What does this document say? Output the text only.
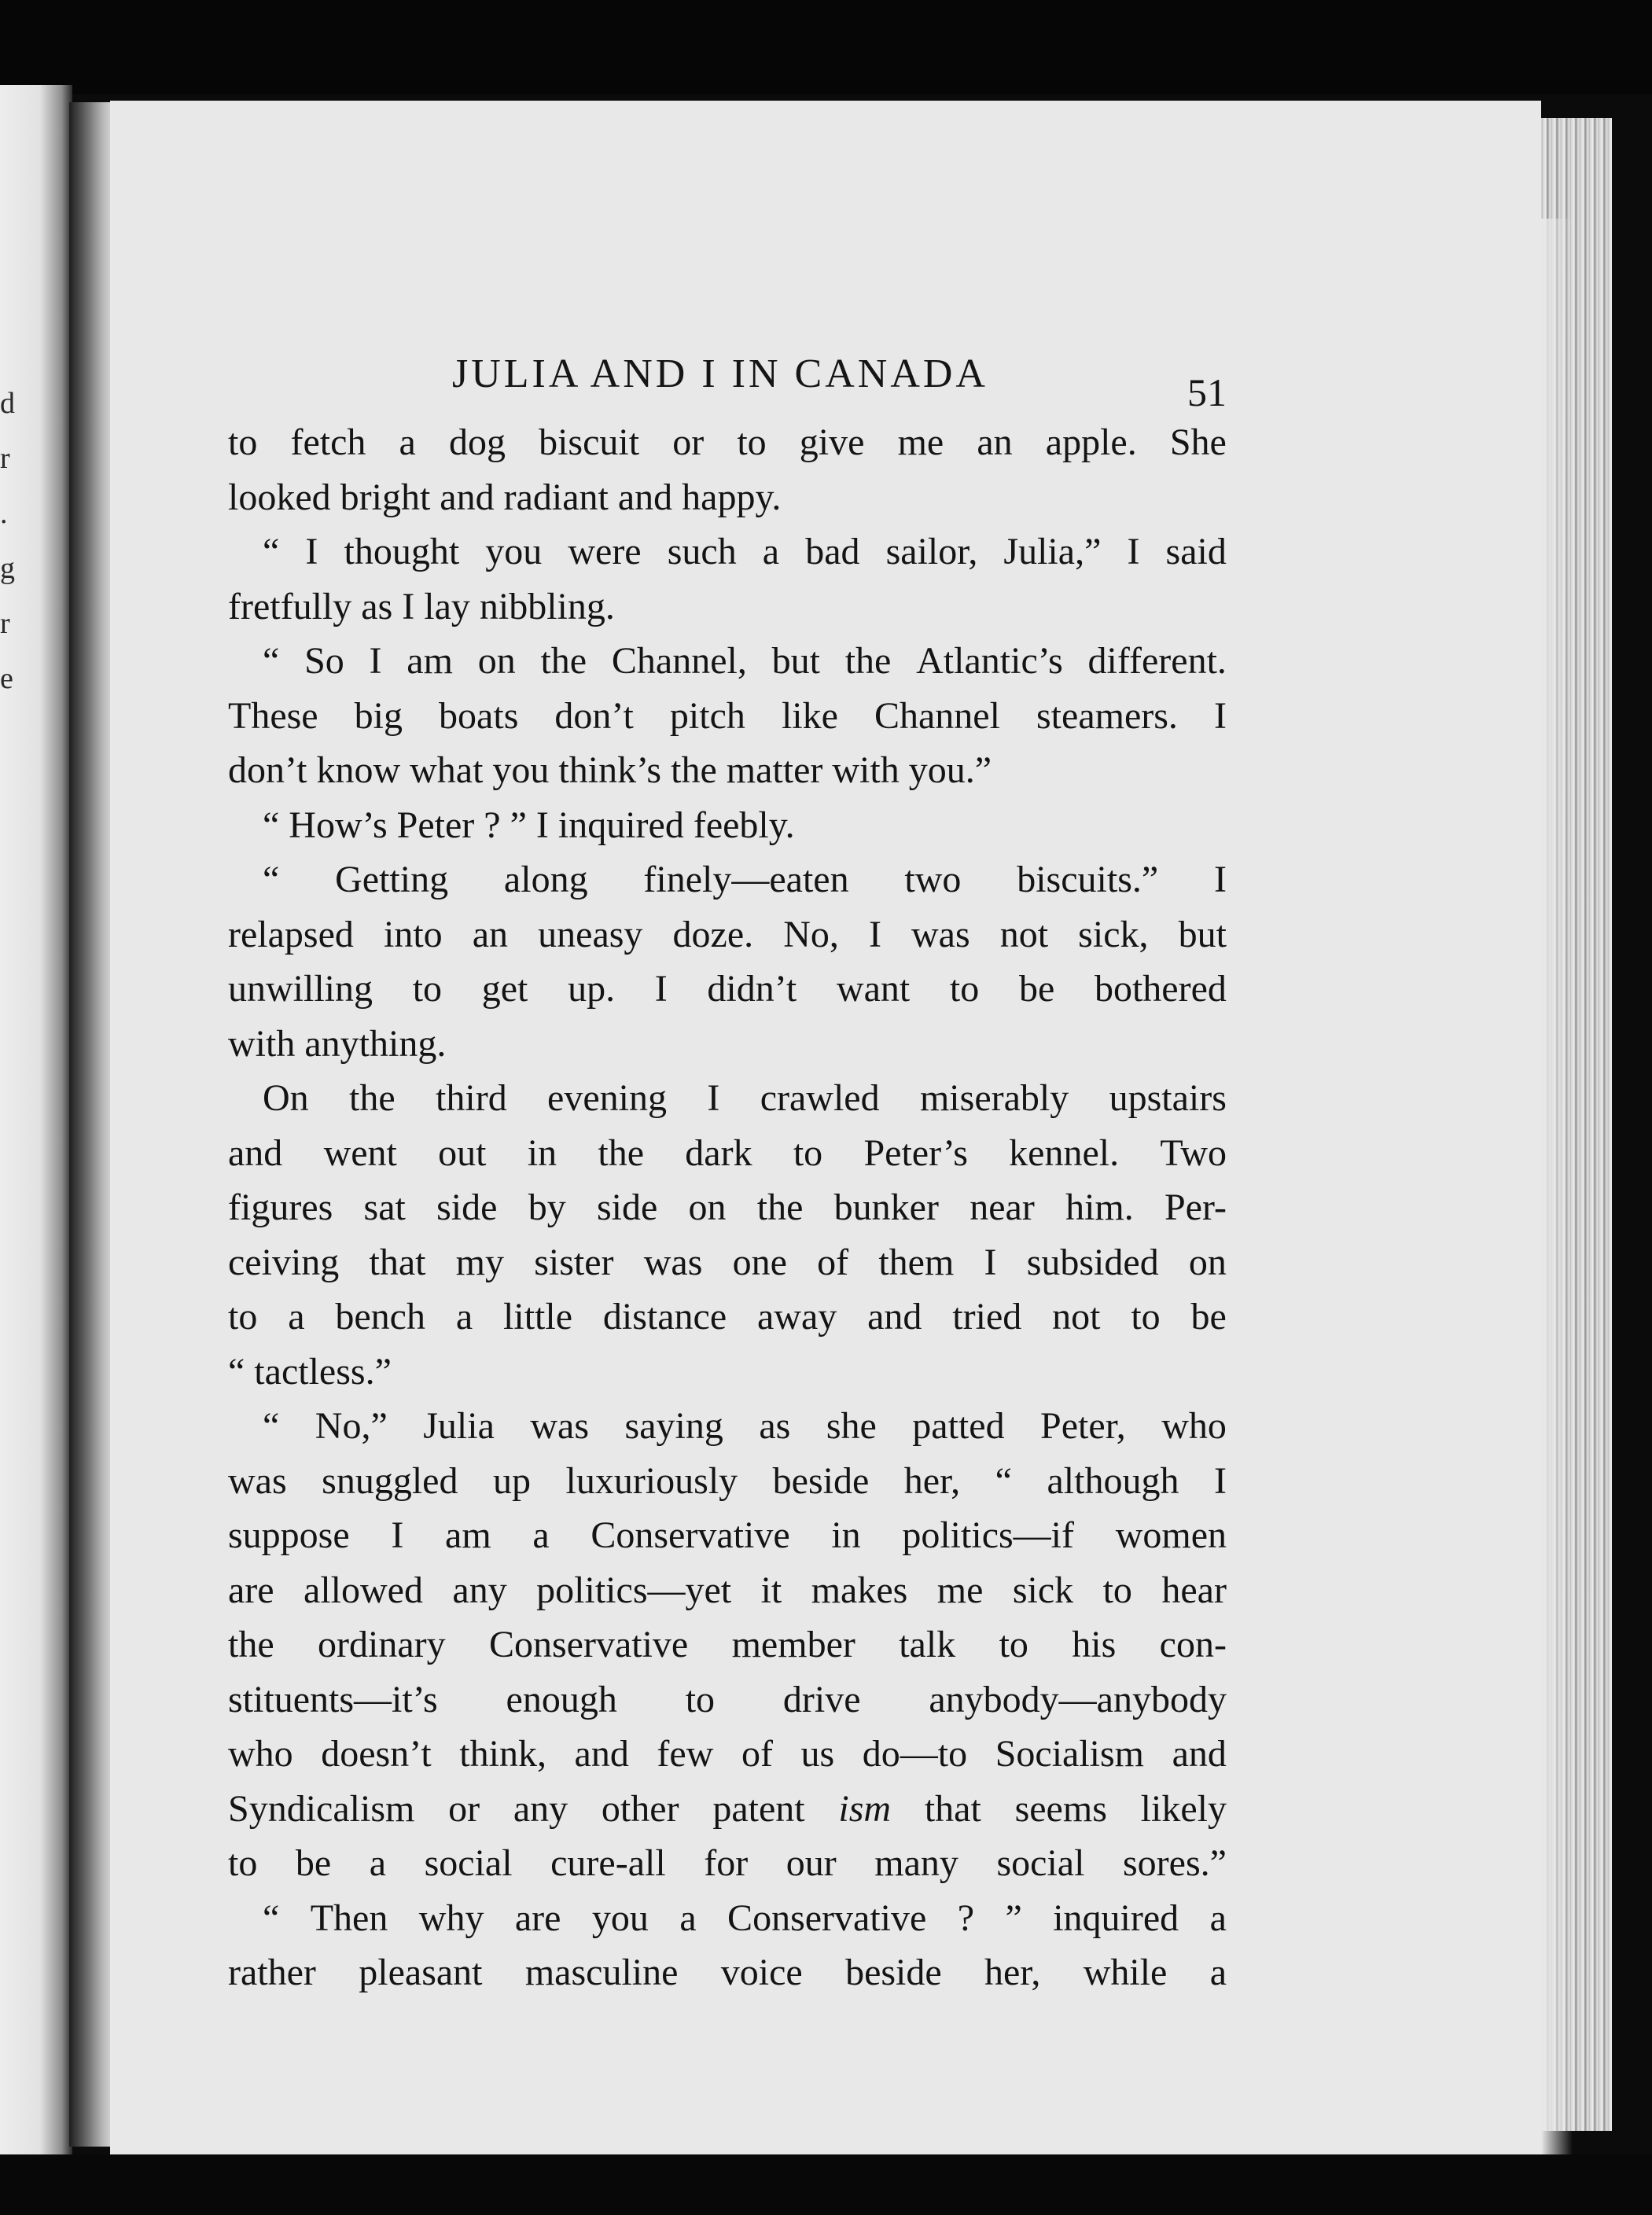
d
r
.
g
r
e
JULIA AND I IN CANADA	51
to fetch a dog biscuit or to give me an apple. She
looked bright and radiant and happy.
“ I thought you were such a bad sailor, Julia,” I said
fretfully as I lay nibbling.
“ So I am on the Channel, but the Atlantic’s different.
These big boats don’t pitch like Channel steamers. I
don’t know what you think’s the matter with you.”
“ How’s Peter ? ” I inquired feebly.
“ Getting along finely—eaten two biscuits.” I
relapsed into an uneasy doze. No, I was not sick, but
unwilling to get up. I didn’t want to be bothered
with anything.
On the third evening I crawled miserably upstairs
and went out in the dark to Peter’s kennel. Two
figures sat side by side on the bunker near him. Per-
ceiving that my sister was one of them I subsided on
to a bench a little distance away and tried not to be
“ tactless.”
“ No,” Julia was saying as she patted Peter, who
was snuggled up luxuriously beside her, “ although I
suppose I am a Conservative in politics—if women
are allowed any politics—yet it makes me sick to hear
the ordinary Conservative member talk to his con-
stituents—it’s enough to drive anybody—anybody
who doesn’t think, and few of us do—to Socialism and
Syndicalism or any other patent ism that seems likely
to be a social cure-all for our many social sores.”
“ Then why are you a Conservative ? ” inquired a
rather pleasant masculine voice beside her, while a
